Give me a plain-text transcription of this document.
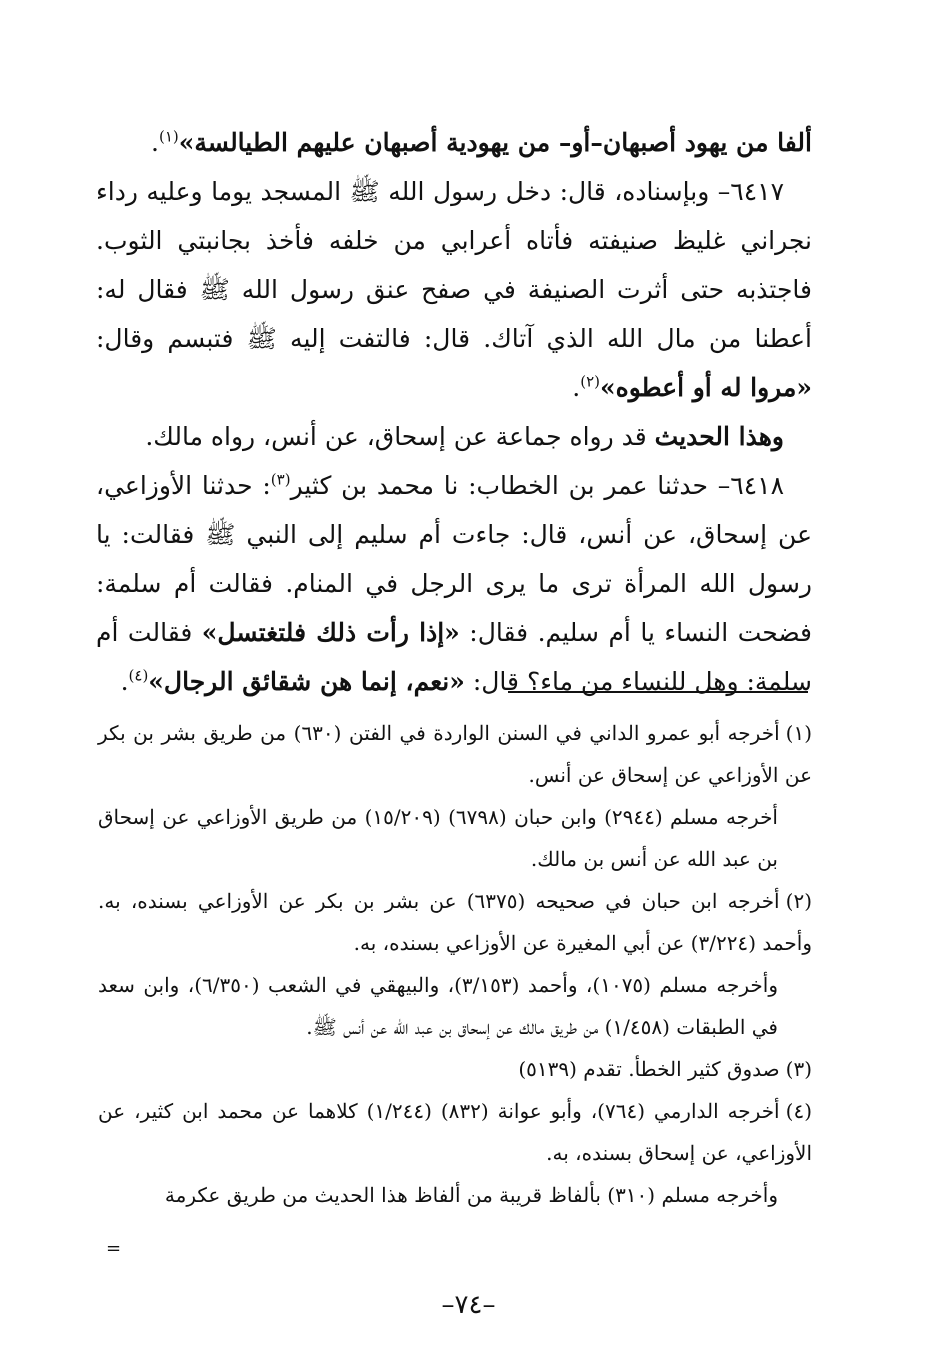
ألفا من يهود أصبهان–أو– من يهودية أصبهان عليهم الطيالسة»$^{(١)}$.

٦٤١٧– وبإسناده، قال: دخل رسول الله ﷺ المسجد يوما وعليه رداء نجراني غليظ صنيفته فأتاه أعرابي من خلفه فأخذ بجانبتي الثوب. فاجتذبه حتى أثرت الصنيفة في صفح عنق رسول الله ﷺ فقال له: أعطنا من مال الله الذي آتاك. قال: فالتفت إليه ﷺ فتبسم وقال: «مروا له أو أعطوه»$^{(٢)}$.

وهذا الحديث قد رواه جماعة عن إسحاق، عن أنس، رواه مالك.

٦٤١٨– حدثنا عمر بن الخطاب: نا محمد بن كثير$^{(٣)}$: حدثنا الأوزاعي، عن إسحاق، عن أنس، قال: جاءت أم سليم إلى النبي ﷺ فقالت: يا رسول الله المرأة ترى ما يرى الرجل في المنام. فقالت أم سلمة: فضحت النساء يا أم سليم. فقال: «إذا رأت ذلك فلتغتسل» فقالت أم سلمة: وهل للنساء من ماء؟ قال: «نعم، إنما هن شقائق الرجال»$^{(٤)}$.

(١)أخرجه أبو عمرو الداني في السنن الواردة في الفتن (٦٣٠) من طريق بشر بن بكر عن الأوزاعي عن إسحاق عن أنس.

أخرجه مسلم (٢٩٤٤) وابن حبان (٦٧٩٨) (١٥/٢٠٩) من طريق الأوزاعي عن إسحاق بن عبد الله عن أنس بن مالك.

(٢)أخرجه ابن حبان في صحيحه (٦٣٧٥) عن بشر بن بكر عن الأوزاعي بسنده، به. وأحمد (٣/٢٢٤) عن أبي المغيرة عن الأوزاعي بسنده، به.

وأخرجه مسلم (١٠٧٥)، وأحمد (٣/١٥٣)، والبيهقي في الشعب (٦/٣٥٠)، وابن سعد في الطبقات (١/٤٥٨) من طريق مالك عن إسحاق بن عبد الله عن أنس ﷺ.

(٣)صدوق كثير الخطأ. تقدم (٥١٣٩)

(٤)أخرجه الدارمي (٧٦٤)، وأبو عوانة (٨٣٢) (١/٢٤٤) كلاهما عن محمد ابن كثير، عن الأوزاعي، عن إسحاق بسنده، به.

وأخرجه مسلم (٣١٠) بألفاظ قريبة من ألفاظ هذا الحديث من طريق عكرمة

=
–٧٤–
